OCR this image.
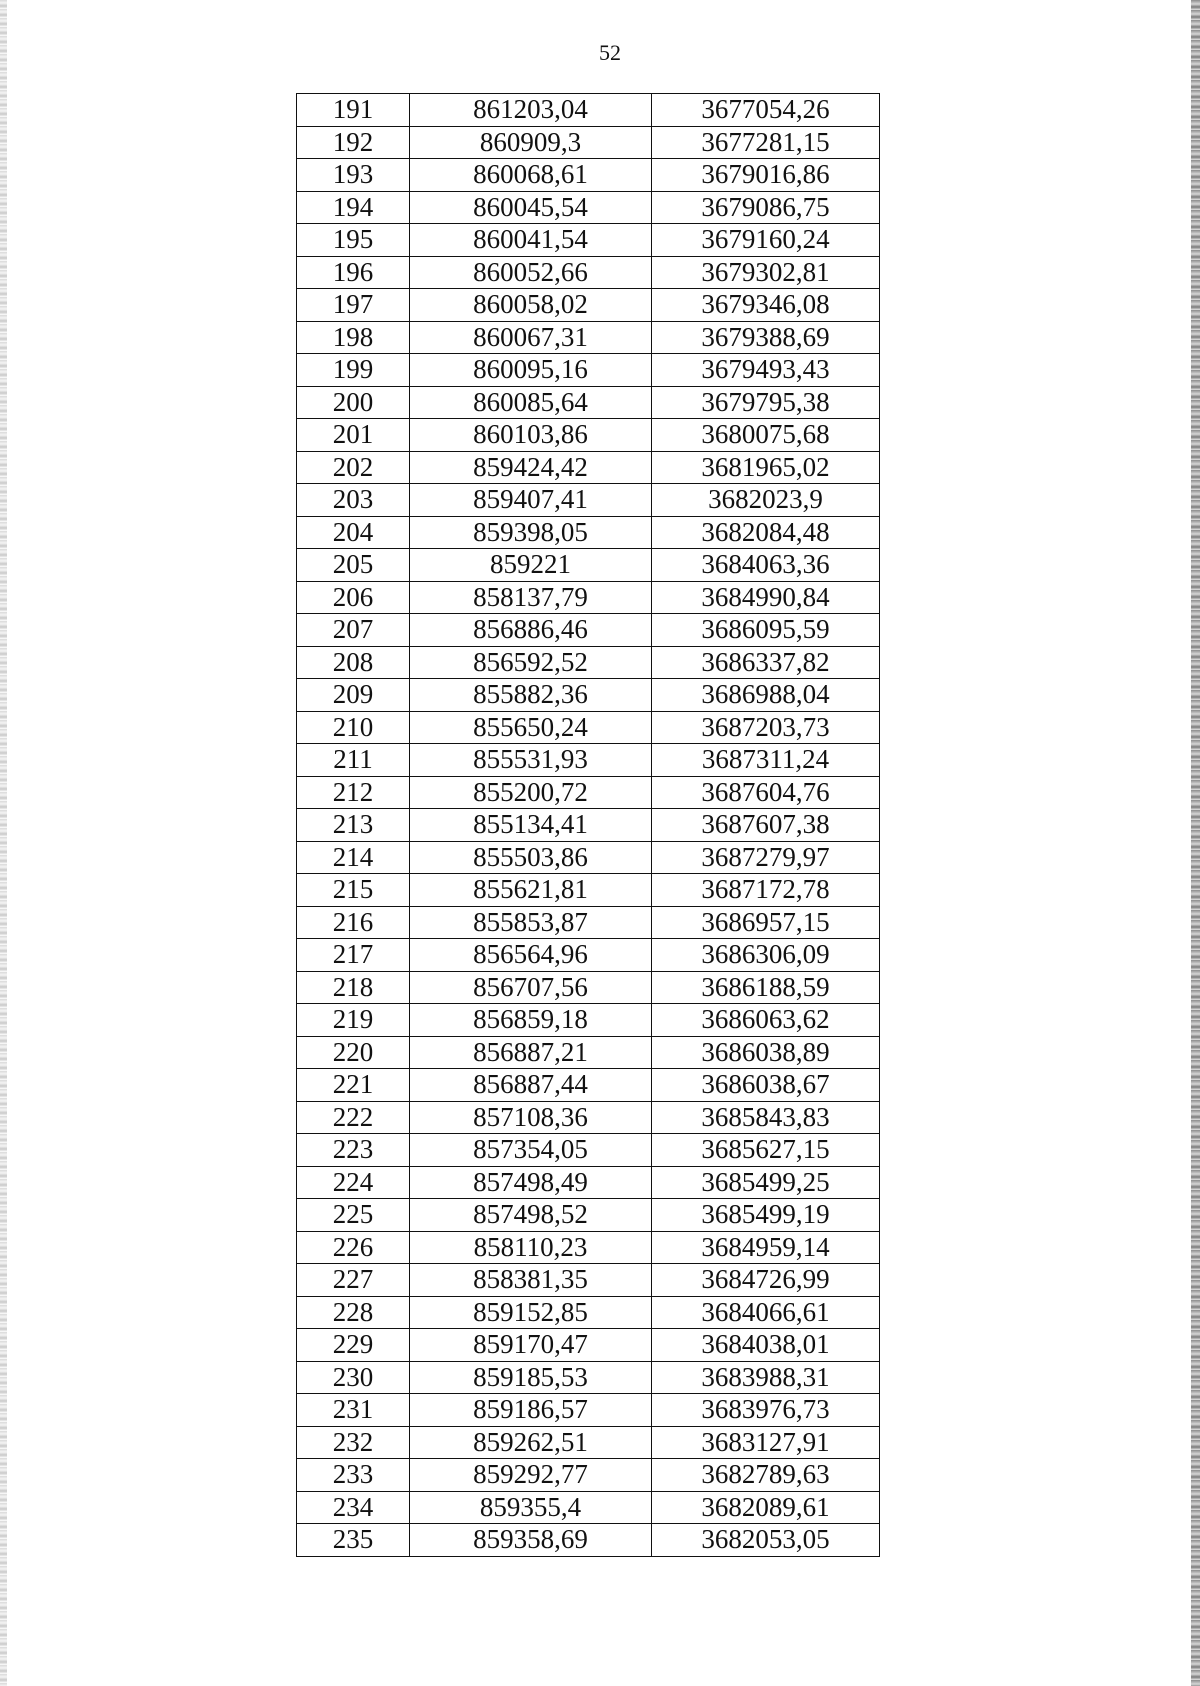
52
191	861203,04	3677054,26
192	860909,3	3677281,15
193	860068,61	3679016,86
194	860045,54	3679086,75
195	860041,54	3679160,24
196	860052,66	3679302,81
197	860058,02	3679346,08
198	860067,31	3679388,69
199	860095,16	3679493,43
200	860085,64	3679795,38
201	860103,86	3680075,68
202	859424,42	3681965,02
203	859407,41	3682023,9
204	859398,05	3682084,48
205	859221	3684063,36
206	858137,79	3684990,84
207	856886,46	3686095,59
208	856592,52	3686337,82
209	855882,36	3686988,04
210	855650,24	3687203,73
211	855531,93	3687311,24
212	855200,72	3687604,76
213	855134,41	3687607,38
214	855503,86	3687279,97
215	855621,81	3687172,78
216	855853,87	3686957,15
217	856564,96	3686306,09
218	856707,56	3686188,59
219	856859,18	3686063,62
220	856887,21	3686038,89
221	856887,44	3686038,67
222	857108,36	3685843,83
223	857354,05	3685627,15
224	857498,49	3685499,25
225	857498,52	3685499,19
226	858110,23	3684959,14
227	858381,35	3684726,99
228	859152,85	3684066,61
229	859170,47	3684038,01
230	859185,53	3683988,31
231	859186,57	3683976,73
232	859262,51	3683127,91
233	859292,77	3682789,63
234	859355,4	3682089,61
235	859358,69	3682053,05
